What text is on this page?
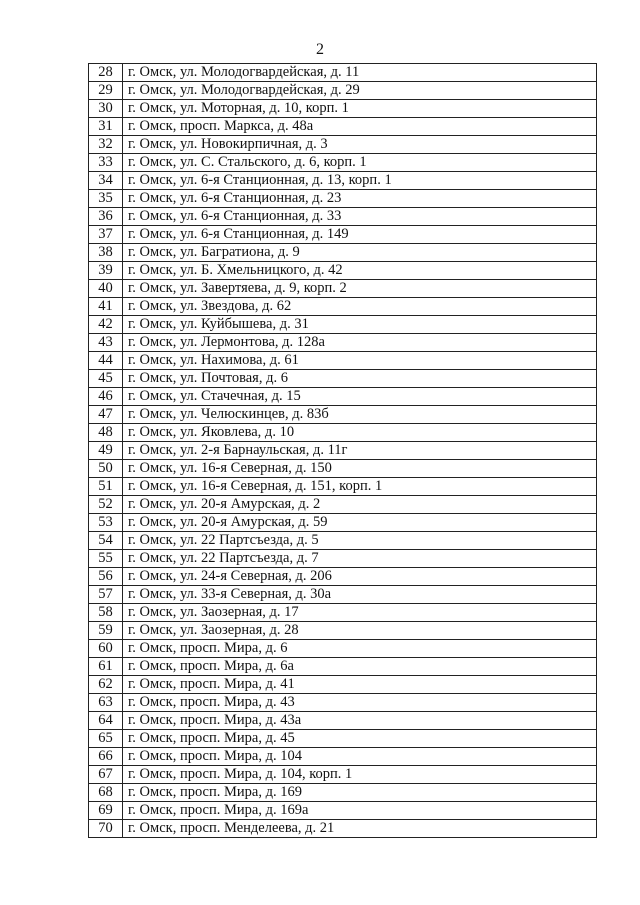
2
28	г. Омск, ул. Молодогвардейская, д. 11
29	г. Омск, ул. Молодогвардейская, д. 29
30	г. Омск, ул. Моторная, д. 10, корп. 1
31	г. Омск, просп. Маркса, д. 48а
32	г. Омск, ул. Новокирпичная, д. 3
33	г. Омск, ул. С. Стальского, д. 6, корп. 1
34	г. Омск, ул. 6-я Станционная, д. 13, корп. 1
35	г. Омск, ул. 6-я Станционная, д. 23
36	г. Омск, ул. 6-я Станционная, д. 33
37	г. Омск, ул. 6-я Станционная, д. 149
38	г. Омск, ул. Багратиона, д. 9
39	г. Омск, ул. Б. Хмельницкого, д. 42
40	г. Омск, ул. Завертяева, д. 9, корп. 2
41	г. Омск, ул. Звездова, д. 62
42	г. Омск, ул. Куйбышева, д. 31
43	г. Омск, ул. Лермонтова, д. 128а
44	г. Омск, ул. Нахимова, д. 61
45	г. Омск, ул. Почтовая, д. 6
46	г. Омск, ул. Стачечная, д. 15
47	г. Омск, ул. Челюскинцев, д. 83б
48	г. Омск, ул. Яковлева, д. 10
49	г. Омск, ул. 2-я Барнаульская, д. 11г
50	г. Омск, ул. 16-я Северная, д. 150
51	г. Омск, ул. 16-я Северная, д. 151, корп. 1
52	г. Омск, ул. 20-я Амурская, д. 2
53	г. Омск, ул. 20-я Амурская, д. 59
54	г. Омск, ул. 22 Партсъезда, д. 5
55	г. Омск, ул. 22 Партсъезда, д. 7
56	г. Омск, ул. 24-я Северная, д. 206
57	г. Омск, ул. 33-я Северная, д. 30а
58	г. Омск, ул. Заозерная, д. 17
59	г. Омск, ул. Заозерная, д. 28
60	г. Омск, просп. Мира, д. 6
61	г. Омск, просп. Мира, д. 6а
62	г. Омск, просп. Мира, д. 41
63	г. Омск, просп. Мира, д. 43
64	г. Омск, просп. Мира, д. 43а
65	г. Омск, просп. Мира, д. 45
66	г. Омск, просп. Мира, д. 104
67	г. Омск, просп. Мира, д. 104, корп. 1
68	г. Омск, просп. Мира, д. 169
69	г. Омск, просп. Мира, д. 169а
70	г. Омск, просп. Менделеева, д. 21
